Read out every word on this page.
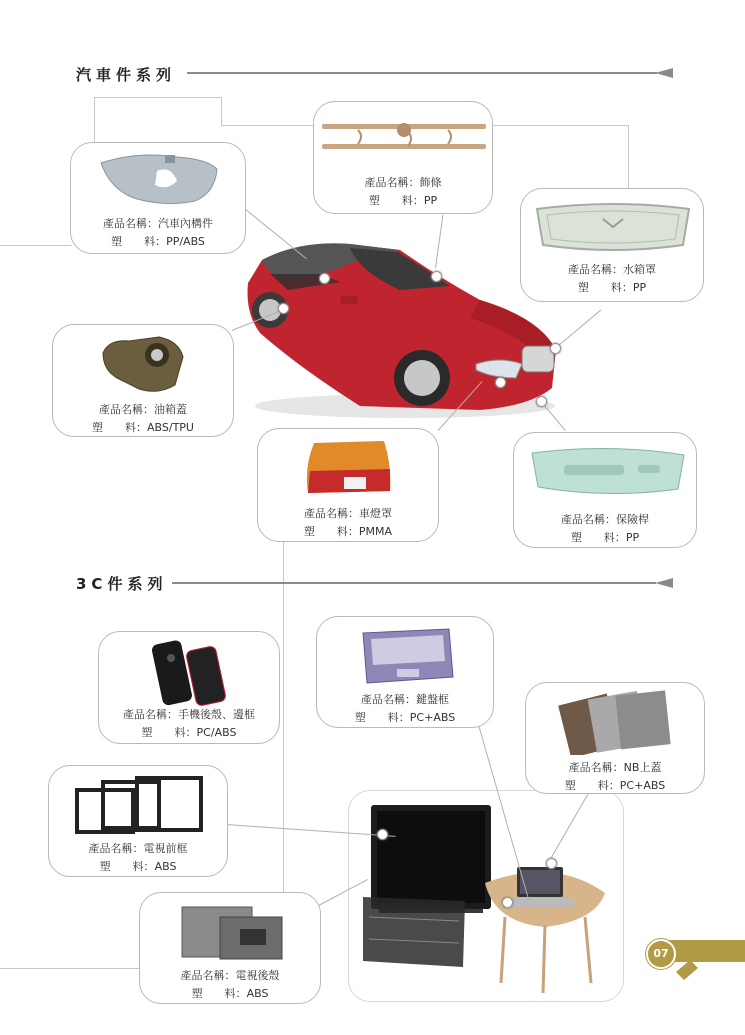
汽車件系列
產品名稱：汽車內構件
塑　　料：PP/ABS
產品名稱：飾條
塑　　料：PP
產品名稱：水箱罩
塑　　料：PP
產品名稱：油箱蓋
塑　　料：ABS/TPU
產品名稱：車燈罩
塑　　料：PMMA
產品名稱：保險桿
塑　　料：PP
3C件系列
產品名稱：手機後殼、邊框
塑　　料：PC/ABS
產品名稱：鍵盤框
塑　　料：PC+ABS
產品名稱：NB上蓋
塑　　料：PC+ABS
產品名稱：電視前框
塑　　料：ABS
產品名稱：電視後殼
塑　　料：ABS
07
